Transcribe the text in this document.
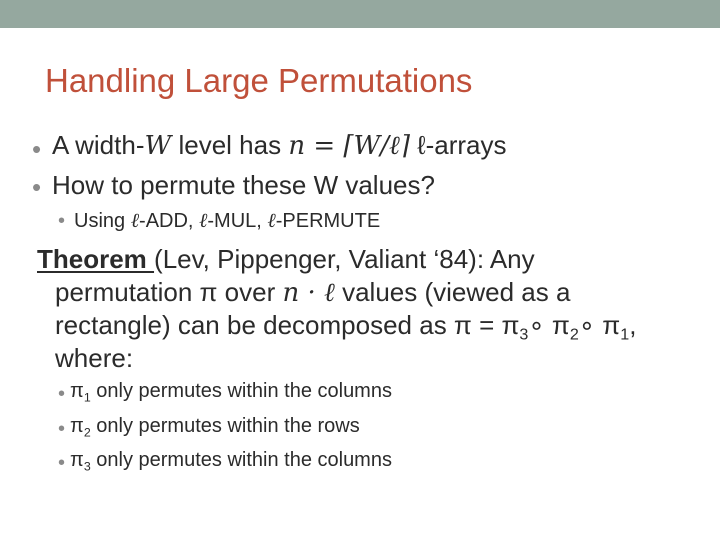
Handling Large Permutations
• A width-W level has n = ⌈W/ℓ⌉ ℓ-arrays
• How to permute these W values?
• Using ℓ-ADD, ℓ-MUL, ℓ-PERMUTE
Theorem (Lev, Pippenger, Valiant ‘84): Any
permutation π over n · ℓ values (viewed as a
rectangle) can be decomposed as $\pi = \pi_3\circ$ $\pi_2\circ$ $\pi_1$,
where:
• $\pi_1$ only permutes within the columns
• $\pi_2$ only permutes within the rows
• $\pi_3$ only permutes within the columns
